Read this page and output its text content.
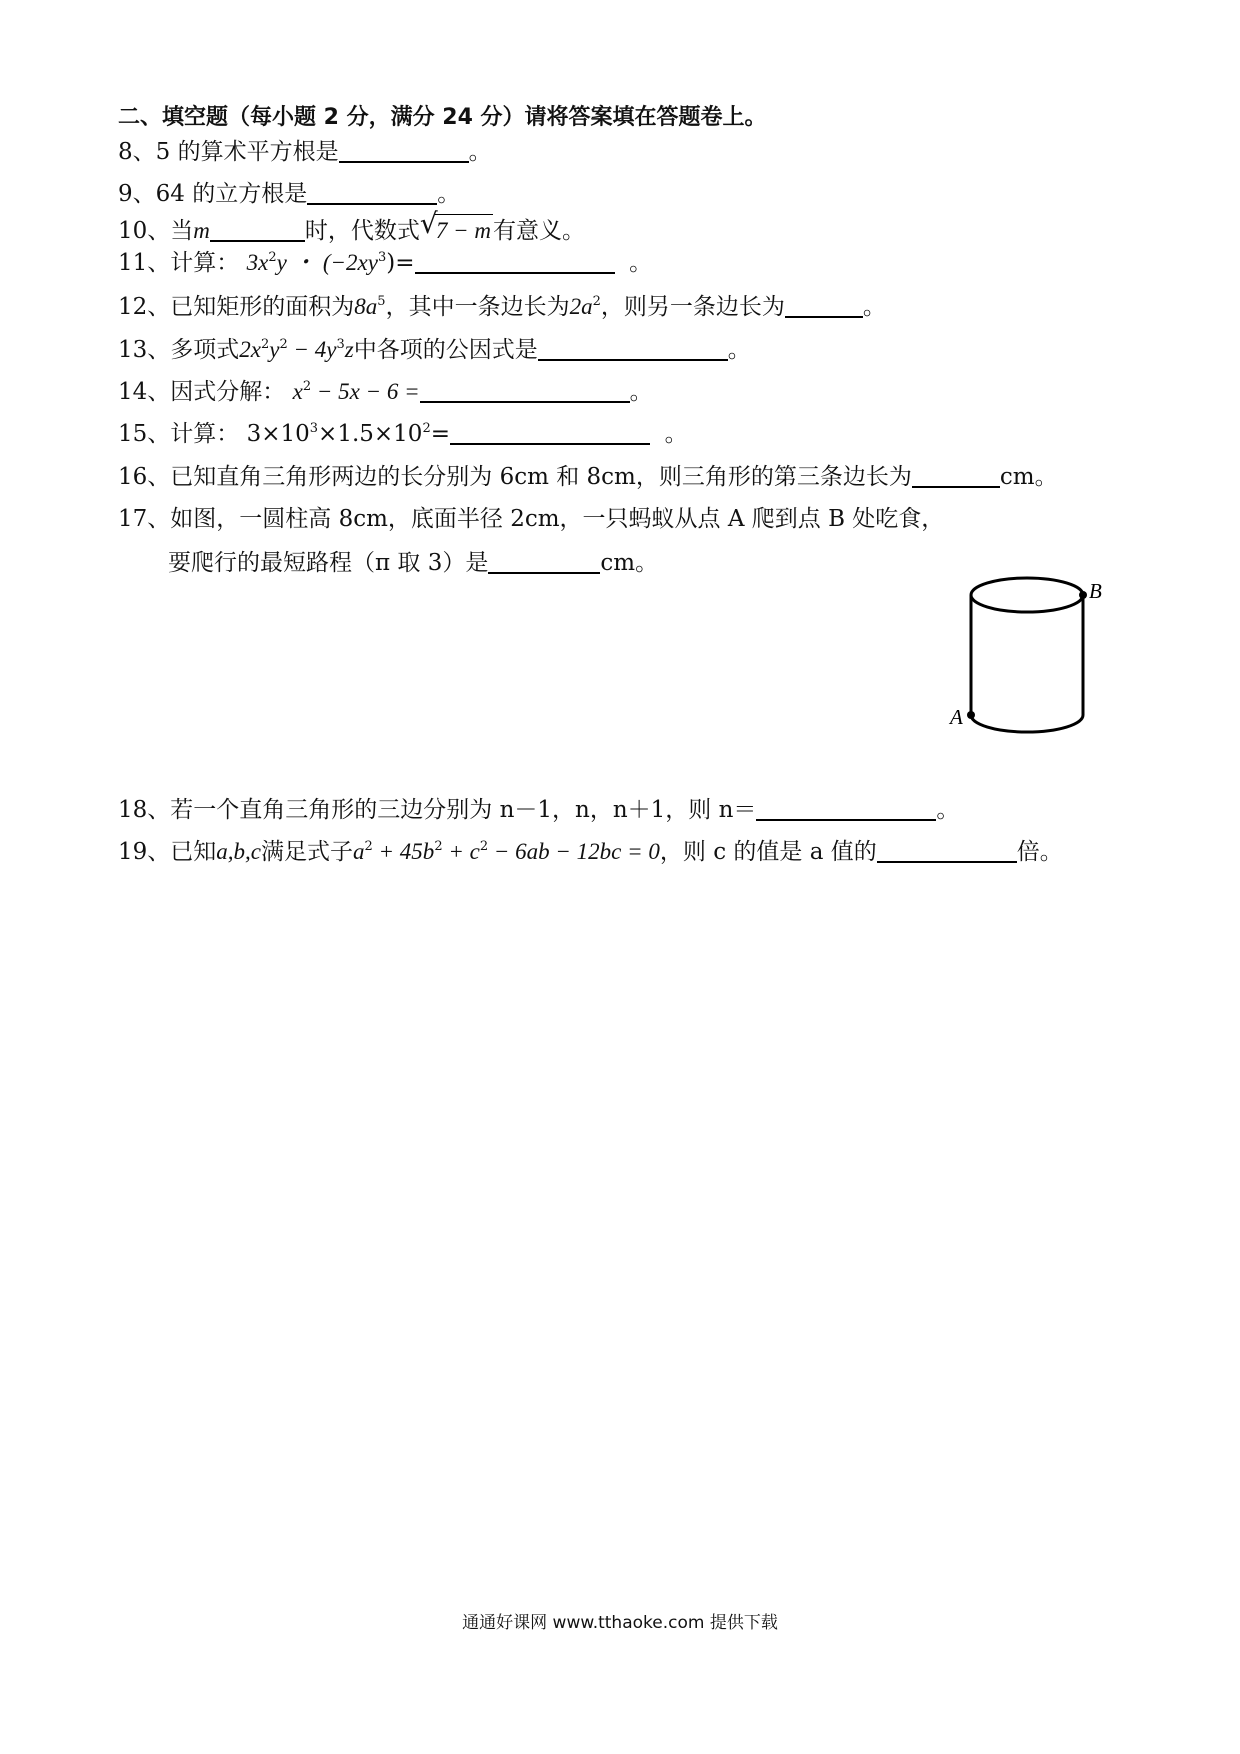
二、填空题（每小题 2 分，满分 24 分）请将答案填在答题卷上。
8、5 的算术平方根是	。
9、64 的立方根是	。
10、当m	时，代数式 √
7 − m有意义。
11、计算： $3x^2y$ ・ $(-2xy^3)=$	。
12、已知矩形的面积为$8a^5$，其中一条边长为$2a^2$，则另一条边长为	。
13、多项式$2x^2y^2 - 4y^3z$中各项的公因式是	。
14、因式分解： $x^2 - 5x - 6$ =	。
15、计算： $3\times 10^3\times 1.5\times 10^2=$	。
16、已知直角三角形两边的长分别为 6cm 和 8cm，则三角形的第三条边长为	cm。
17、如图，一圆柱高 8cm，底面半径 2cm，一只蚂蚁从点 A 爬到点 B 处吃食，
要爬行的最短路程（π 取 3）是	cm。
A
B
18、若一个直角三角形的三边分别为 n－1，n，n＋1，则 n＝	。
19、已知a,b,c满足式子$a^2 + 45b^2 + c^2 - 6ab - 12bc = 0$，则 c 的值是 a 值的	倍。
通通好课网 www.tthaoke.com 提供下载
